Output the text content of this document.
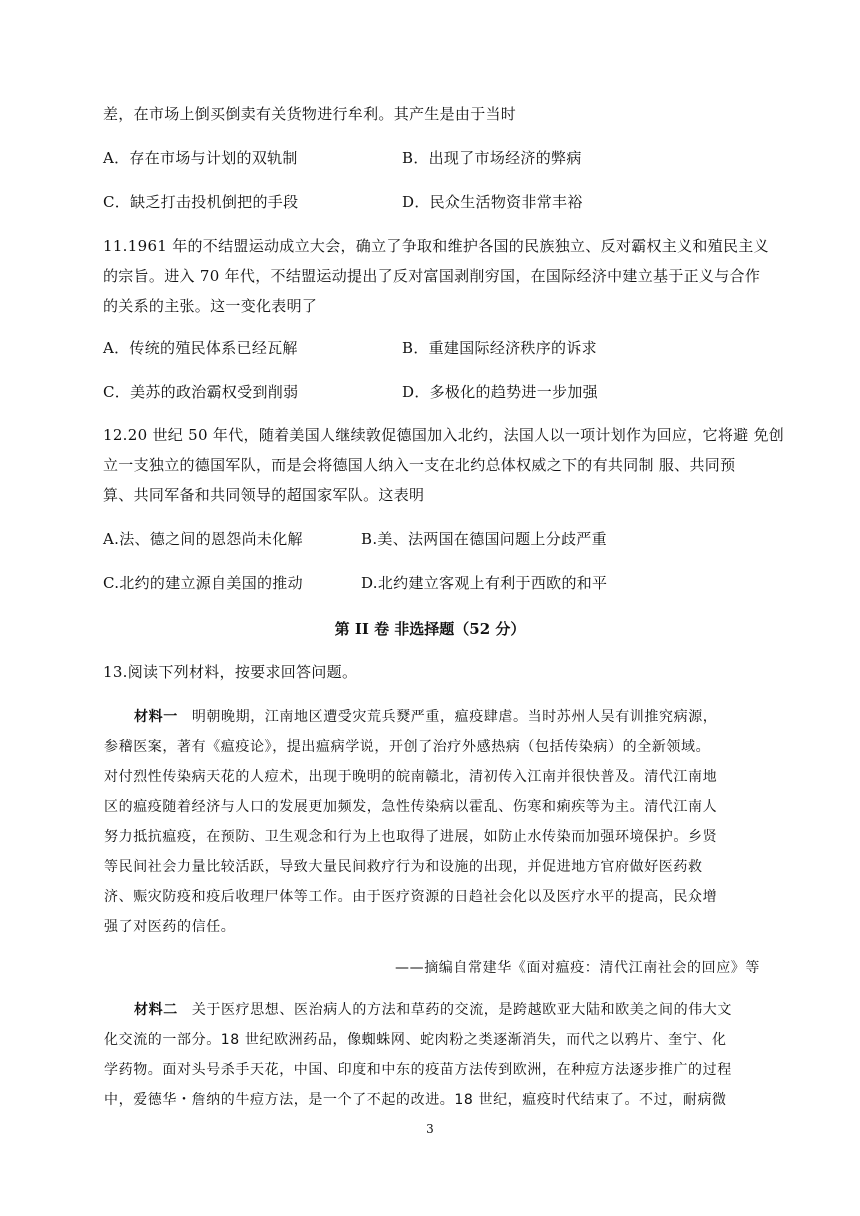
差，在市场上倒买倒卖有关货物进行牟利。其产生是由于当时
A．存在市场与计划的双轨制	B．出现了市场经济的弊病
C．缺乏打击投机倒把的手段	D．民众生活物资非常丰裕
11.1961 年的不结盟运动成立大会，确立了争取和维护各国的民族独立、反对霸权主义和殖民主义
的宗旨。进入 70 年代，不结盟运动提出了反对富国剥削穷国，在国际经济中建立基于正义与合作
的关系的主张。这一变化表明了
A．传统的殖民体系已经瓦解	B．重建国际经济秩序的诉求
C．美苏的政治霸权受到削弱	D．多极化的趋势进一步加强
12.20 世纪 50 年代，随着美国人继续敦促德国加入北约，法国人以一项计划作为回应，它将避 免创
立一支独立的德国军队，而是会将德国人纳入一支在北约总体权威之下的有共同制 服、共同预
算、共同军备和共同领导的超国家军队。这表明
A.法、德之间的恩怨尚未化解	B.美、法两国在德国问题上分歧严重
C.北约的建立源自美国的推动	D.北约建立客观上有利于西欧的和平
第 II 卷 非选择题（52 分）
13.阅读下列材料，按要求回答问题。
材料一 明朝晚期，江南地区遭受灾荒兵燹严重，瘟疫肆虐。当时苏州人吴有训推究病源，
参稽医案，著有《瘟疫论》，提出瘟病学说，开创了治疗外感热病（包括传染病）的全新领域。
对付烈性传染病天花的人痘术，出现于晚明的皖南赣北，清初传入江南并很快普及。清代江南地
区的瘟疫随着经济与人口的发展更加频发，急性传染病以霍乱、伤寒和痢疾等为主。清代江南人
努力抵抗瘟疫，在预防、卫生观念和行为上也取得了进展，如防止水传染而加强环境保护。乡贤
等民间社会力量比较活跃，导致大量民间救疗行为和设施的出现，并促进地方官府做好医药救
济、赈灾防疫和疫后收理尸体等工作。由于医疗资源的日趋社会化以及医疗水平的提高，民众增
强了对医药的信任。
——摘编自常建华《面对瘟疫：清代江南社会的回应》等
材料二 关于医疗思想、医治病人的方法和草药的交流，是跨越欧亚大陆和欧美之间的伟大文
化交流的一部分。18 世纪欧洲药品，像蜘蛛网、蛇肉粉之类逐渐消失，而代之以鸦片、奎宁、化
学药物。面对头号杀手天花，中国、印度和中东的疫苗方法传到欧洲，在种痘方法逐步推广的过程
中，爱德华・詹纳的牛痘方法，是一个了不起的改进。18 世纪，瘟疫时代结束了。不过，耐病微
3
